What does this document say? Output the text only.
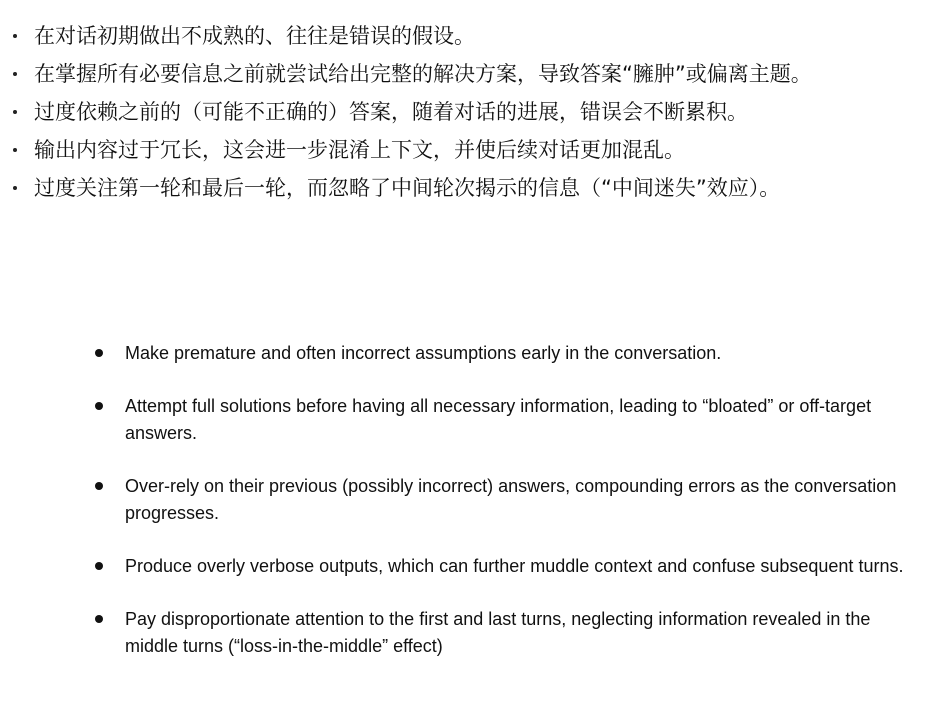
在对话初期做出不成熟的、往往是错误的假设。
在掌握所有必要信息之前就尝试给出完整的解决方案，导致答案“臃肿”或偏离主题。
过度依赖之前的（可能不正确的）答案，随着对话的进展，错误会不断累积。
输出内容过于冗长，这会进一步混淆上下文，并使后续对话更加混乱。
过度关注第一轮和最后一轮，而忽略了中间轮次揭示的信息（“中间迷失”效应）。
Make premature and often incorrect assumptions early in the conversation.
Attempt full solutions before having all necessary information, leading to “bloated” or off-target answers.
Over-rely on their previous (possibly incorrect) answers, compounding errors as the conversation progresses.
Produce overly verbose outputs, which can further muddle context and confuse subsequent turns.
Pay disproportionate attention to the first and last turns, neglecting information revealed in the middle turns (“loss-in-the-middle” effect)
